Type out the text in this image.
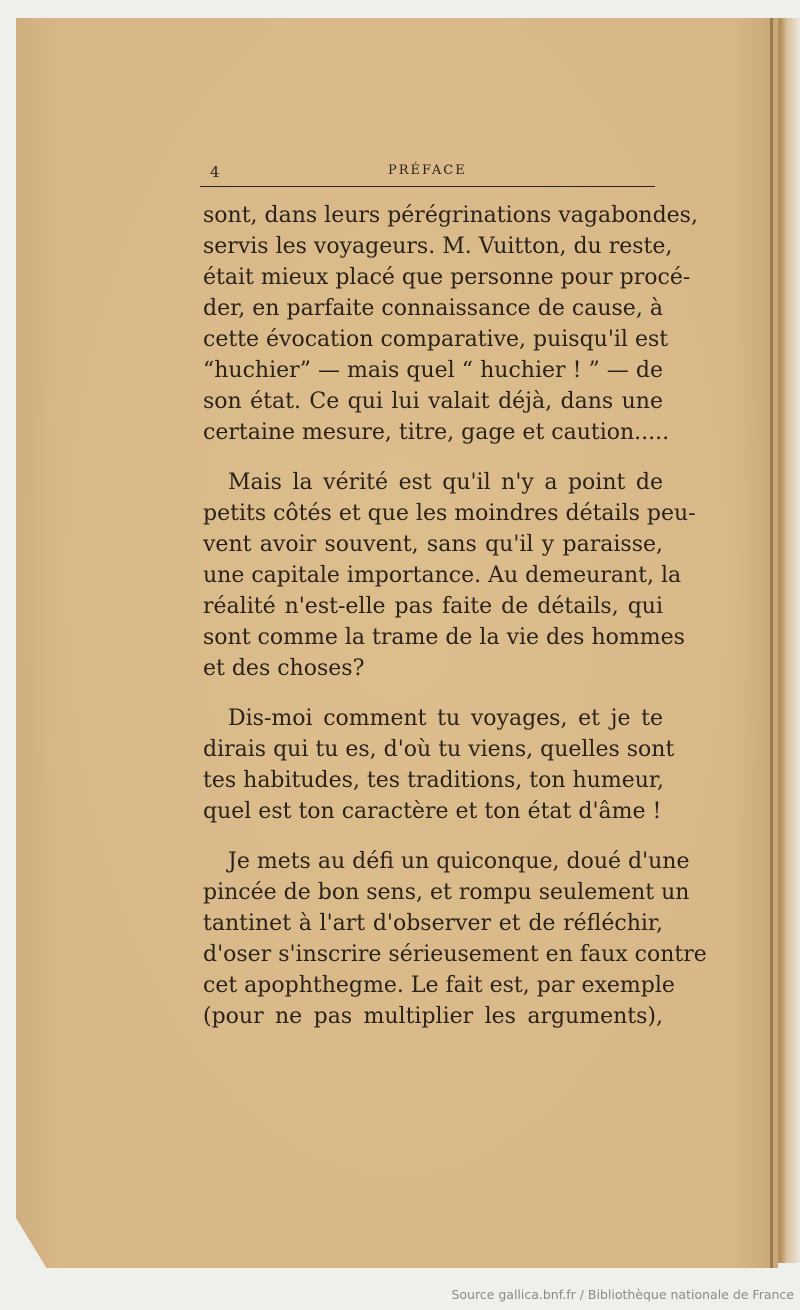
4	PRÉFACE
sont, dans leurs pérégrinations vagabondes,
servis les voyageurs. M. Vuitton, du reste,
était mieux placé que personne pour procé-
der, en parfaite connaissance de cause, à
cette évocation comparative, puisqu'il est
“huchier” — mais quel “ huchier ! ” — de
son état. Ce qui lui valait déjà, dans une
certaine mesure, titre, gage et caution.....
Mais la vérité est qu'il n'y a point de
petits côtés et que les moindres détails peu-
vent avoir souvent, sans qu'il y paraisse,
une capitale importance. Au demeurant, la
réalité n'est-elle pas faite de détails, qui
sont comme la trame de la vie des hommes
et des choses?
Dis-moi comment tu voyages, et je te
dirais qui tu es, d'où tu viens, quelles sont
tes habitudes, tes traditions, ton humeur,
quel est ton caractère et ton état d'âme !
Je mets au défi un quiconque, doué d'une
pincée de bon sens, et rompu seulement un
tantinet à l'art d'observer et de réfléchir,
d'oser s'inscrire sérieusement en faux contre
cet apophthegme. Le fait est, par exemple
(pour ne pas multiplier les arguments),
Source gallica.bnf.fr / Bibliothèque nationale de France
